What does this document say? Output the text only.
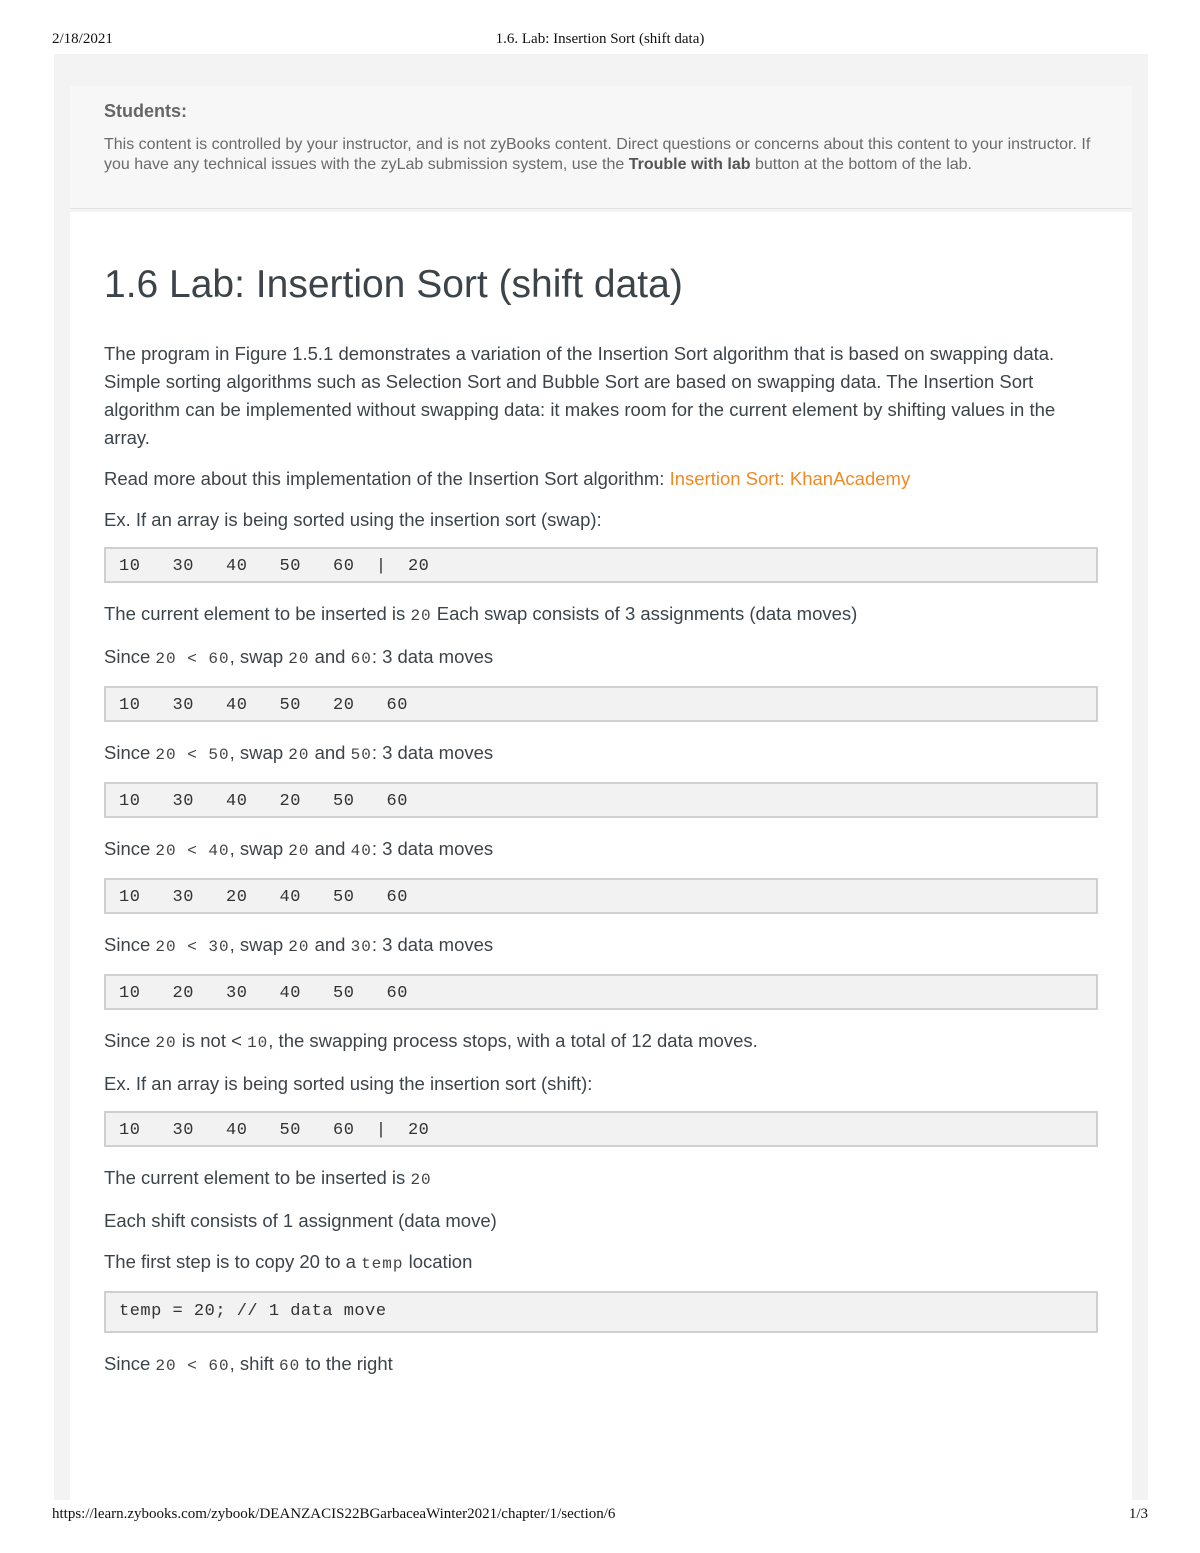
2/18/2021	1.6. Lab: Insertion Sort (shift data)
Students:
This content is controlled by your instructor, and is not zyBooks content. Direct questions or concerns about this content to your instructor. If you have any technical issues with the zyLab submission system, use the Trouble with lab button at the bottom of the lab.
1.6 Lab: Insertion Sort (shift data)

The program in Figure 1.5.1 demonstrates a variation of the Insertion Sort algorithm that is based on swapping data. Simple sorting algorithms such as Selection Sort and Bubble Sort are based on swapping data. The Insertion Sort algorithm can be implemented without swapping data: it makes room for the current element by shifting values in the array.

Read more about this implementation of the Insertion Sort algorithm: Insertion Sort: KhanAcademy

Ex. If an array is being sorted using the insertion sort (swap):

10   30   40   50   60  |  20

The current element to be inserted is 20 Each swap consists of 3 assignments (data moves)

Since 20 < 60, swap 20 and 60: 3 data moves

10   30   40   50   20   60

Since 20 < 50, swap 20 and 50: 3 data moves

10   30   40   20   50   60

Since 20 < 40, swap 20 and 40: 3 data moves

10   30   20   40   50   60

Since 20 < 30, swap 20 and 30: 3 data moves

10   20   30   40   50   60

Since 20 is not < 10, the swapping process stops, with a total of 12 data moves.

Ex. If an array is being sorted using the insertion sort (shift):

10   30   40   50   60  |  20

The current element to be inserted is 20

Each shift consists of 1 assignment (data move)

The first step is to copy 20 to a temp location

temp = 20; // 1 data move

Since 20 < 60, shift 60 to the right

https://learn.zybooks.com/zybook/DEANZACIS22BGarbaceaWinter2021/chapter/1/section/6	1/3
